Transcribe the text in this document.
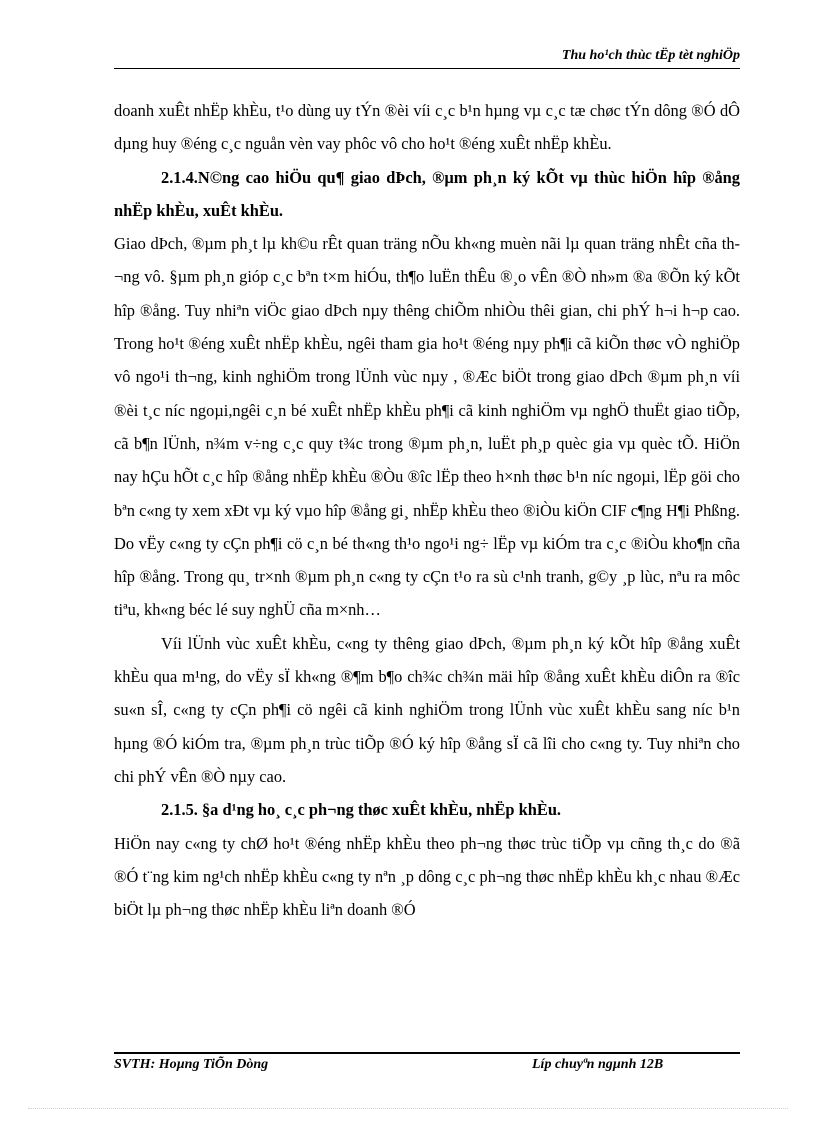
Thu ho¹ch thùc tËp tèt nghiÖp

doanh xuÊt nhËp khÈu, t¹o dùng uy tÝn ®èi víi c¸c b¹n hµng vµ c¸c tæ chøc tÝn dông ®Ó dÔ dµng huy ®éng c¸c nguån vèn vay phôc vô cho ho¹t ®éng xuÊt nhËp khÈu.

2.1.4.N©ng cao hiÖu qu¶ giao dÞch, ®µm ph¸n ký kÕt vµ thùc hiÖn hîp ®ång nhËp khÈu, xuÊt khÈu.

Giao dÞch, ®µm ph¸t lµ kh©u rÊt quan träng nÕu kh«ng muèn nãi lµ quan träng nhÊt cña th¬ng vô. §µm ph¸n gióp c¸c bªn t×m hiÓu, th¶o luËn thÊu ®¸o vÊn ®Ò nh»m ®a ®Õn ký kÕt hîp ®ång. Tuy nhiªn viÖc giao dÞch nµy thêng chiÕm nhiÒu thêi gian, chi phÝ h¬i h¬p cao. Trong ho¹t ®éng xuÊt nhËp khÈu, ngêi tham gia ho¹t ®éng nµy ph¶i cã kiÕn thøc vÒ nghiÖp vô ngo¹i th¬ng, kinh nghiÖm trong lÜnh vùc nµy , ®Æc biÖt trong giao dÞch ®µm ph¸n víi ®èi t¸c níc ngoµi,ngêi c¸n bé xuÊt nhËp khÈu ph¶i cã kinh nghiÖm vµ nghÖ thuËt giao tiÕp, cã b¶n lÜnh, n¾m v÷ng c¸c quy t¾c trong ®µm ph¸n, luËt ph¸p quèc gia vµ quèc tÕ. HiÖn nay hÇu hÕt c¸c hîp ®ång nhËp khÈu ®Òu ®îc lËp theo h×nh thøc b¹n níc ngoµi, lËp göi cho bªn c«ng ty xem xÐt vµ ký vµo hîp ®ång gi¸ nhËp khÈu theo ®iÒu kiÖn CIF c¶ng H¶i Phßng. Do vËy c«ng ty cÇn ph¶i cö c¸n bé th«ng th¹o ngo¹i ng÷ lËp vµ kiÓm tra c¸c ®iÒu kho¶n cña hîp ®ång. Trong qu¸ tr×nh ®µm ph¸n c«ng ty cÇn t¹o ra sù c¹nh tranh, g©y ¸p lùc, nªu ra môc tiªu, kh«ng béc lé suy nghÜ cña m×nh…

Víi lÜnh vùc xuÊt khÈu, c«ng ty thêng giao dÞch, ®µm ph¸n ký kÕt hîp ®ång xuÊt khÈu qua m¹ng, do vËy sÏ kh«ng ®¶m b¶o ch¾c ch¾n mäi hîp ®ång xuÊt khÈu diÔn ra ®îc su«n sÎ, c«ng ty cÇn ph¶i cö ngêi cã kinh nghiÖm trong lÜnh vùc xuÊt khÈu sang níc b¹n hµng ®Ó kiÓm tra, ®µm ph¸n trùc tiÕp ®Ó ký hîp ®ång sÏ cã lîi cho c«ng ty. Tuy nhiªn cho chi phÝ vÊn ®Ò nµy cao.

2.1.5. §a d¹ng ho¸ c¸c ph¬ng thøc xuÊt khÈu, nhËp khÈu.

HiÖn nay c«ng ty chØ ho¹t ®éng nhËp khÈu theo ph¬ng thøc trùc tiÕp vµ cñng th¸c do ®ã ®Ó t¨ng kim ng¹ch nhËp khÈu c«ng ty nªn ¸p dông c¸c ph¬ng thøc nhËp khÈu kh¸c nhau ®Æc biÖt lµ ph¬ng thøc nhËp khÈu liªn doanh ®Ó

SVTH: Hoµng TiÕn Dòng	Líp chuyªn ngµnh 12B
